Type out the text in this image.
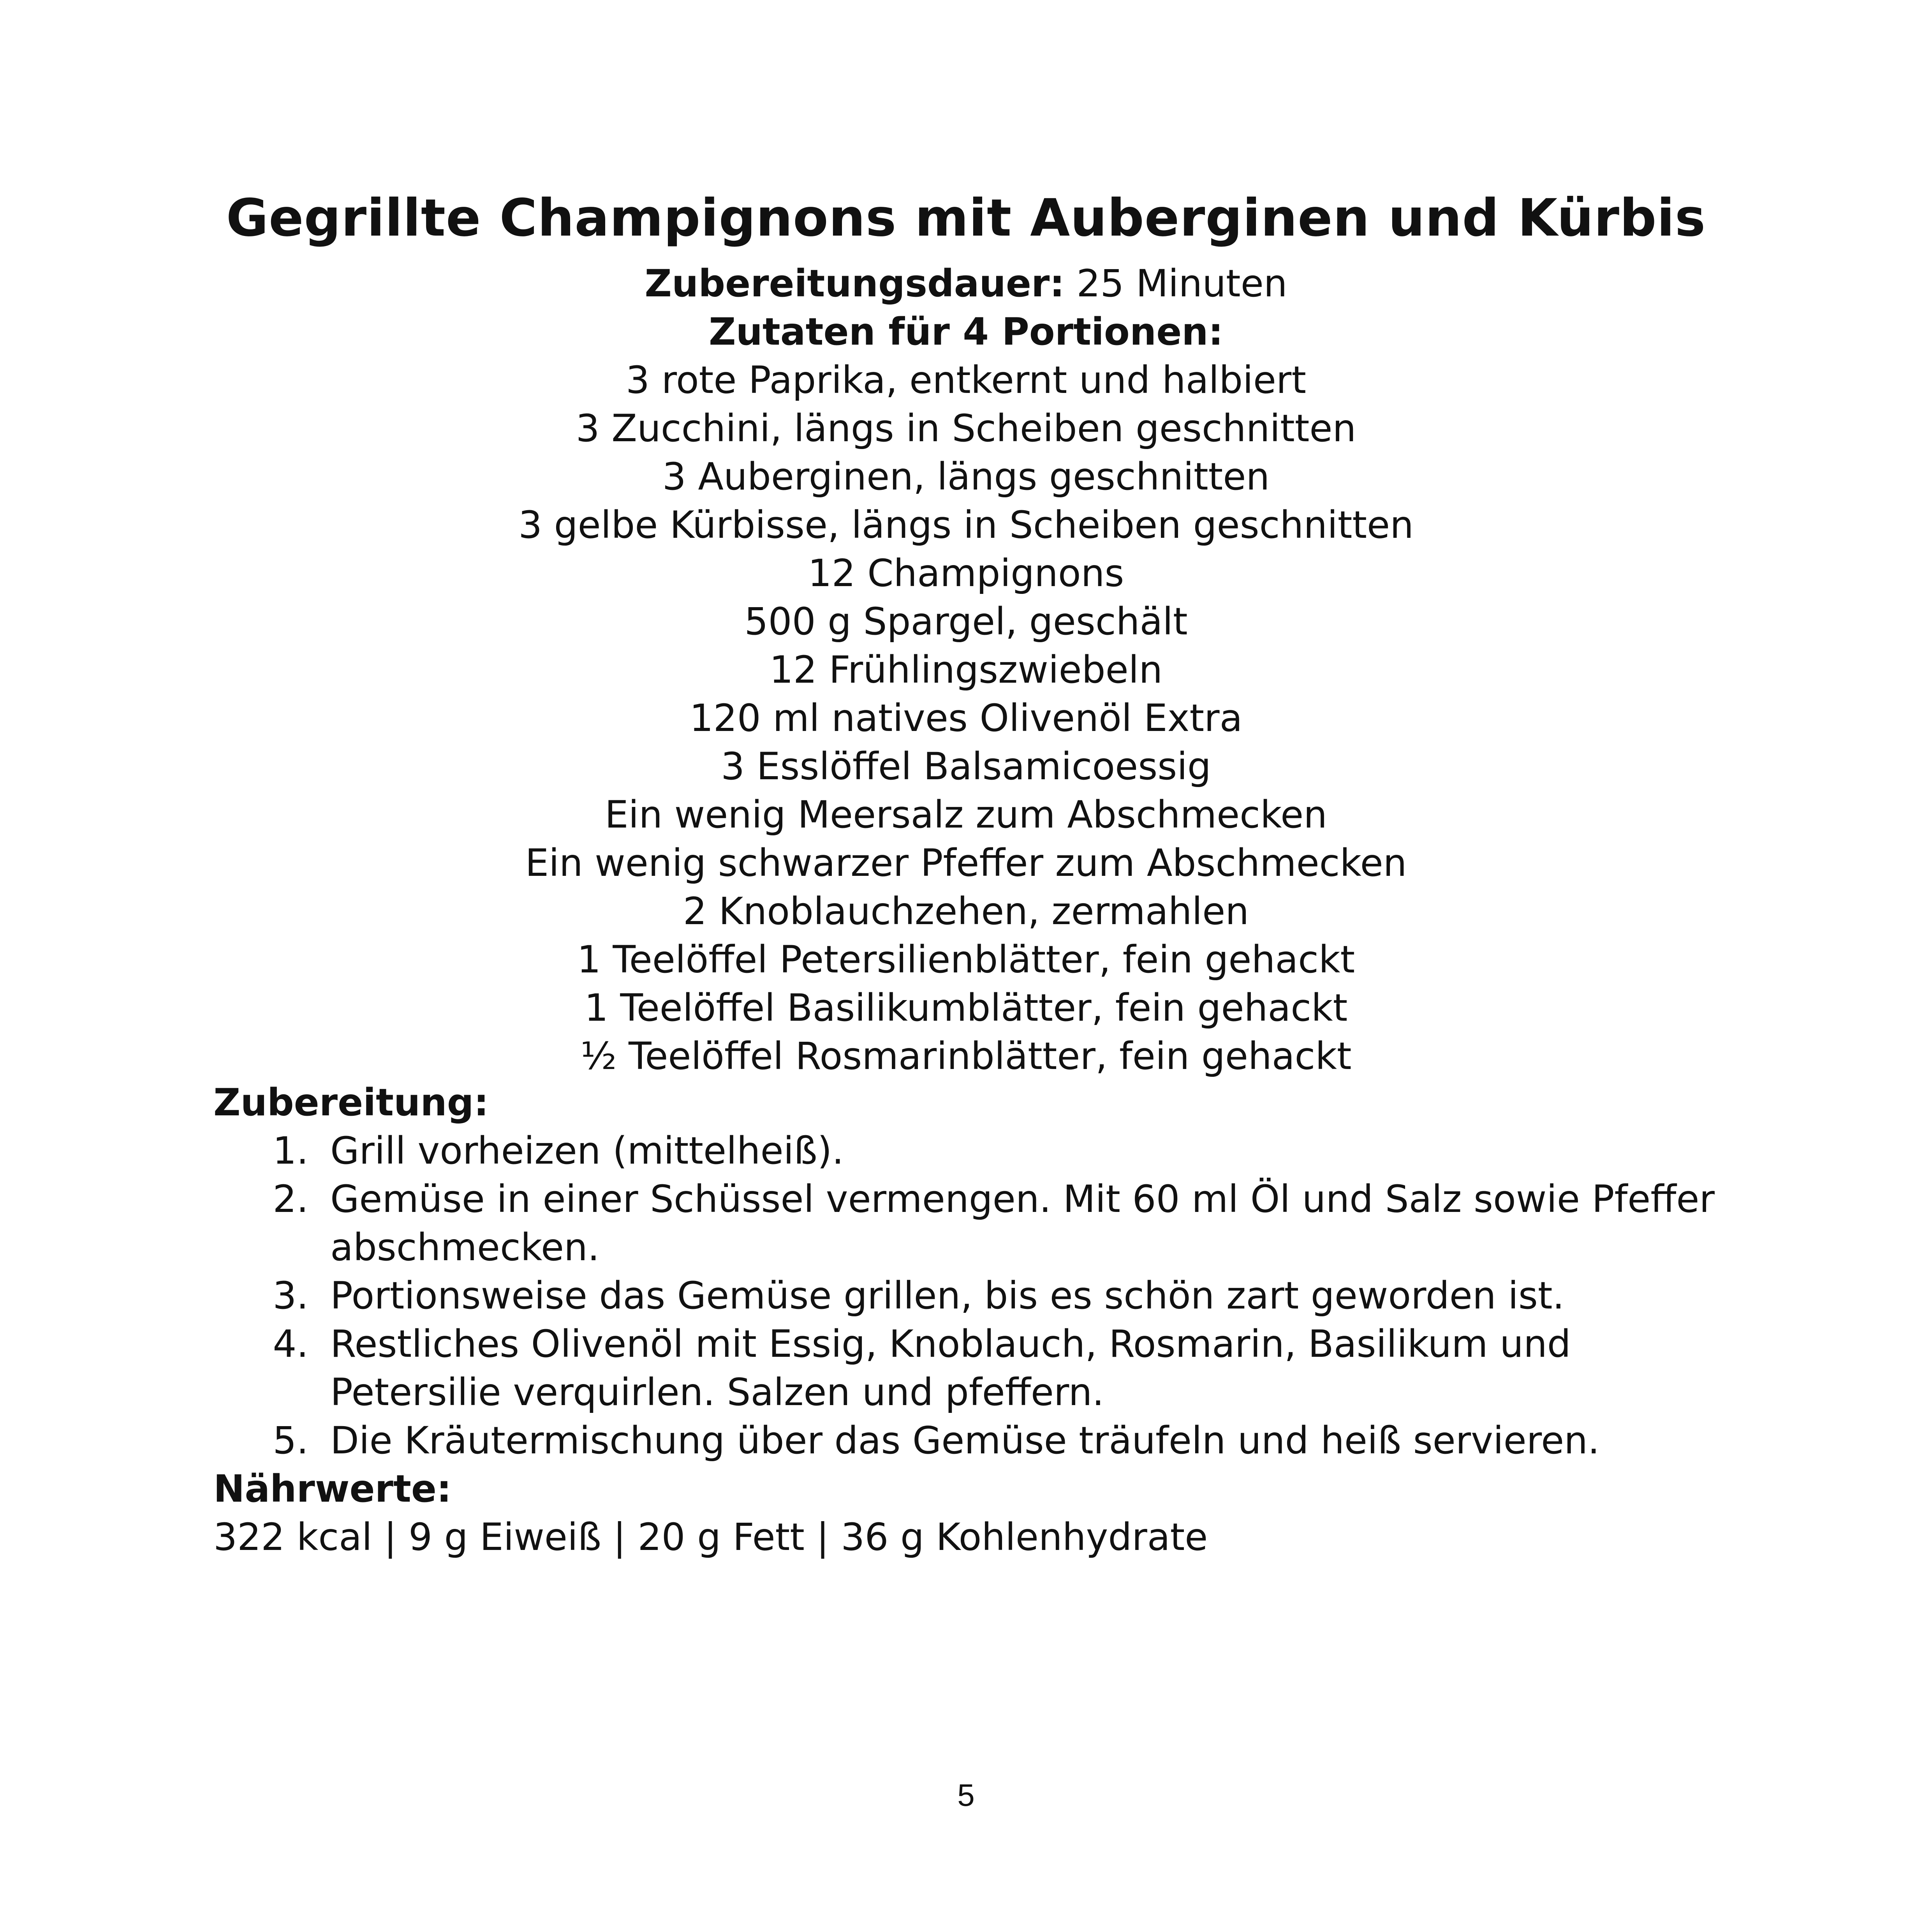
Gegrillte Champignons mit Auberginen und Kürbis
Zubereitungsdauer: 25 Minuten
Zutaten für 4 Portionen:
3 rote Paprika, entkernt und halbiert
3 Zucchini, längs in Scheiben geschnitten
3 Auberginen, längs geschnitten
3 gelbe Kürbisse, längs in Scheiben geschnitten
12 Champignons
500 g Spargel, geschält
12 Frühlingszwiebeln
120 ml natives Olivenöl Extra
3 Esslöffel Balsamicoessig
Ein wenig Meersalz zum Abschmecken
Ein wenig schwarzer Pfeffer zum Abschmecken
2 Knoblauchzehen, zermahlen
1 Teelöffel Petersilienblätter, fein gehackt
1 Teelöffel Basilikumblätter, fein gehackt
½ Teelöffel Rosmarinblätter, fein gehackt
Zubereitung:
1. Grill vorheizen (mittelheiß).
2. Gemüse in einer Schüssel vermengen. Mit 60 ml Öl und Salz sowie Pfeffer abschmecken.
3. Portionsweise das Gemüse grillen, bis es schön zart geworden ist.
4. Restliches Olivenöl mit Essig, Knoblauch, Rosmarin, Basilikum und Petersilie verquirlen. Salzen und pfeffern.
5. Die Kräutermischung über das Gemüse träufeln und heiß servieren.
Nährwerte:
322 kcal | 9 g Eiweiß | 20 g Fett | 36 g Kohlenhydrate
5
